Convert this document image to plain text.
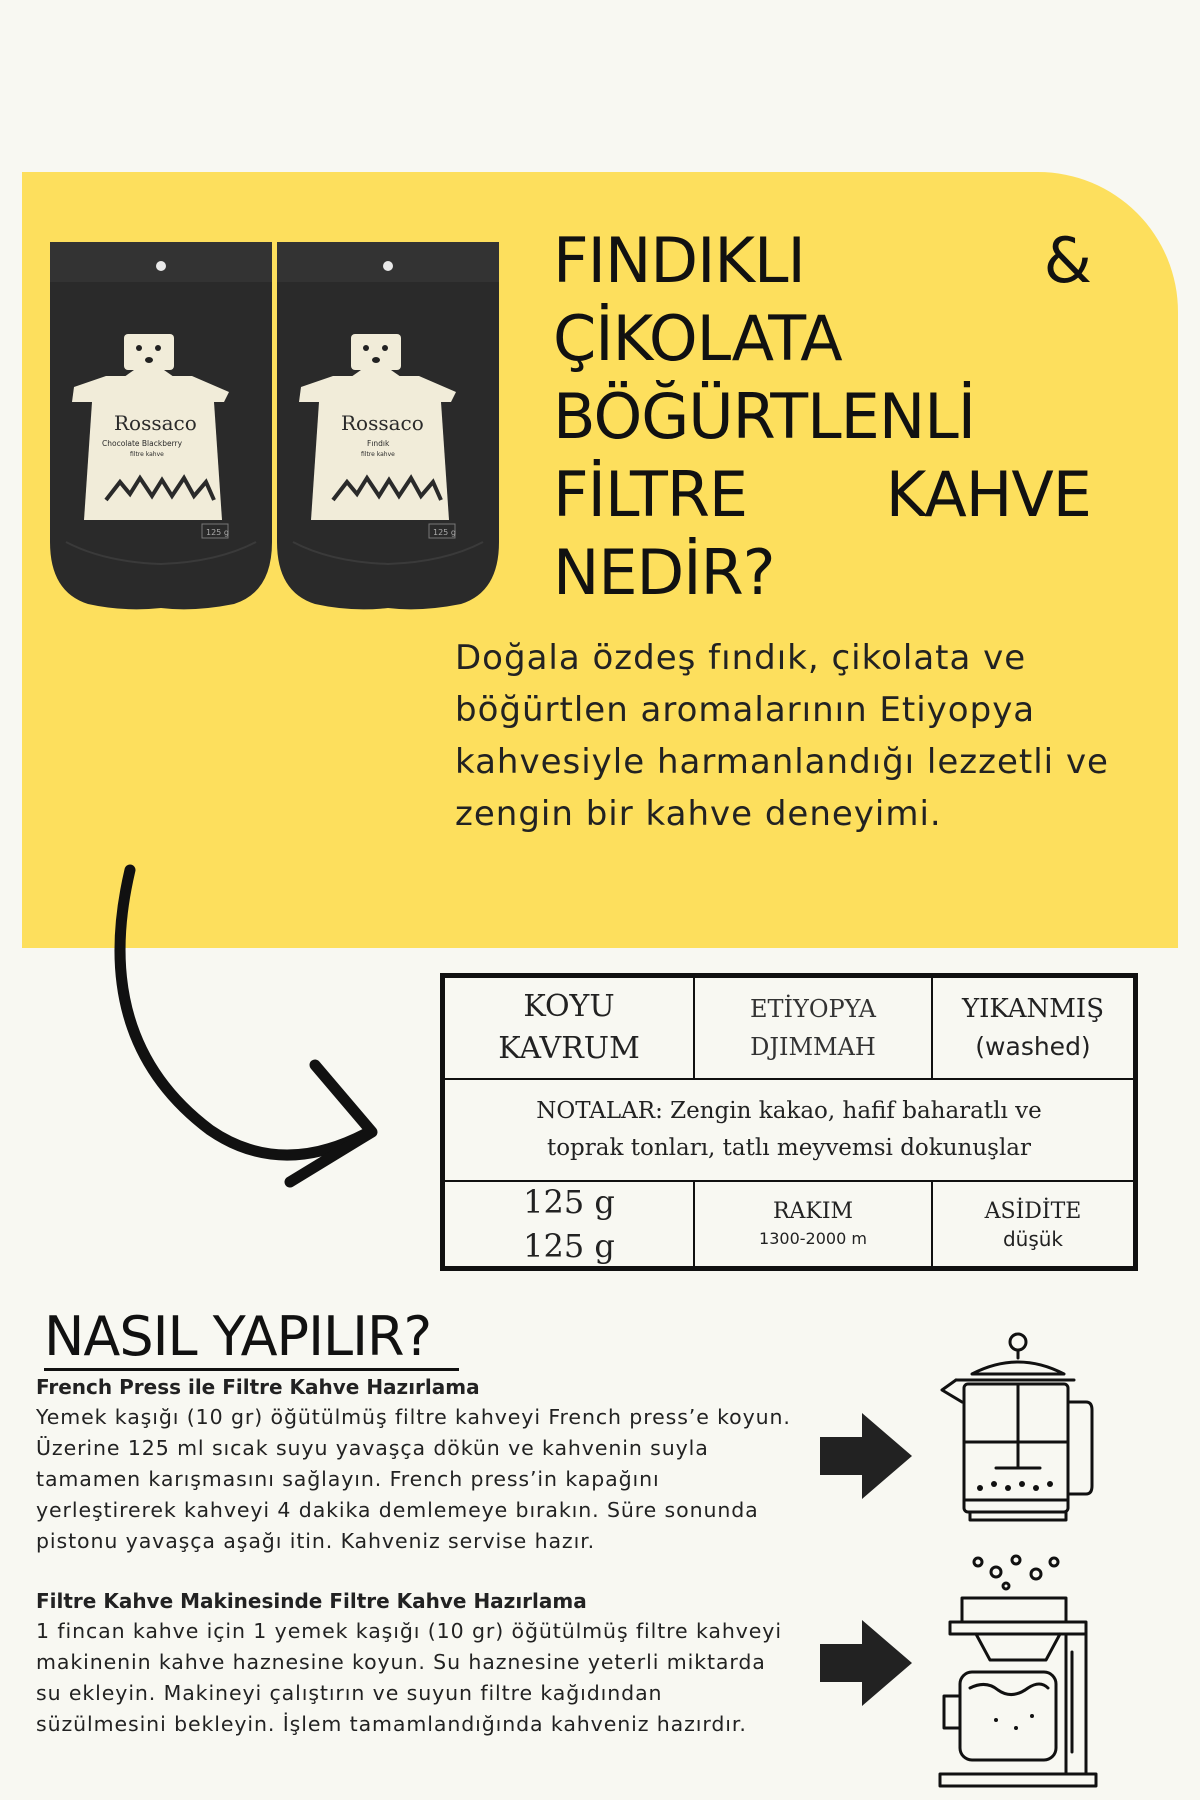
Rossaco
Chocolate Blackberry
filtre kahve
125 g
Rossaco
Fındık
filtre kahve
125 g
FINDIKLI	&
ÇİKOLATA
BÖĞÜRTLENLİ
FİLTRE KAHVE
NEDİR?
Doğala özdeş fındık, çikolata ve böğürtlen aromalarının Etiyopya kahvesiyle harmanlandığı lezzetli ve zengin bir kahve deneyimi.
KOYU
KAVRUM
ETİYOPYA
DJIMMAH
YIKANMIŞ
(washed)
NOTALAR: Zengin kakao, hafif baharatlı ve
toprak tonları, tatlı meyvemsi dokunuşlar
125 g
125 g
RAKIM
1300-2000 m
ASİDİTE
düşük
NASIL YAPILIR?
French Press ile Filtre Kahve Hazırlama
Yemek kaşığı (10 gr) öğütülmüş filtre kahveyi French press’e koyun. Üzerine 125 ml sıcak suyu yavaşça dökün ve kahvenin suyla tamamen karışmasını sağlayın. French press’in kapağını yerleştirerek kahveyi 4 dakika demlemeye bırakın. Süre sonunda pistonu yavaşça aşağı itin. Kahveniz servise hazır.
Filtre Kahve Makinesinde Filtre Kahve Hazırlama
1 fincan kahve için 1 yemek kaşığı (10 gr) öğütülmüş filtre kahveyi makinenin kahve haznesine koyun. Su haznesine yeterli miktarda su ekleyin. Makineyi çalıştırın ve suyun filtre kağıdından süzülmesini bekleyin. İşlem tamamlandığında kahveniz hazırdır.
